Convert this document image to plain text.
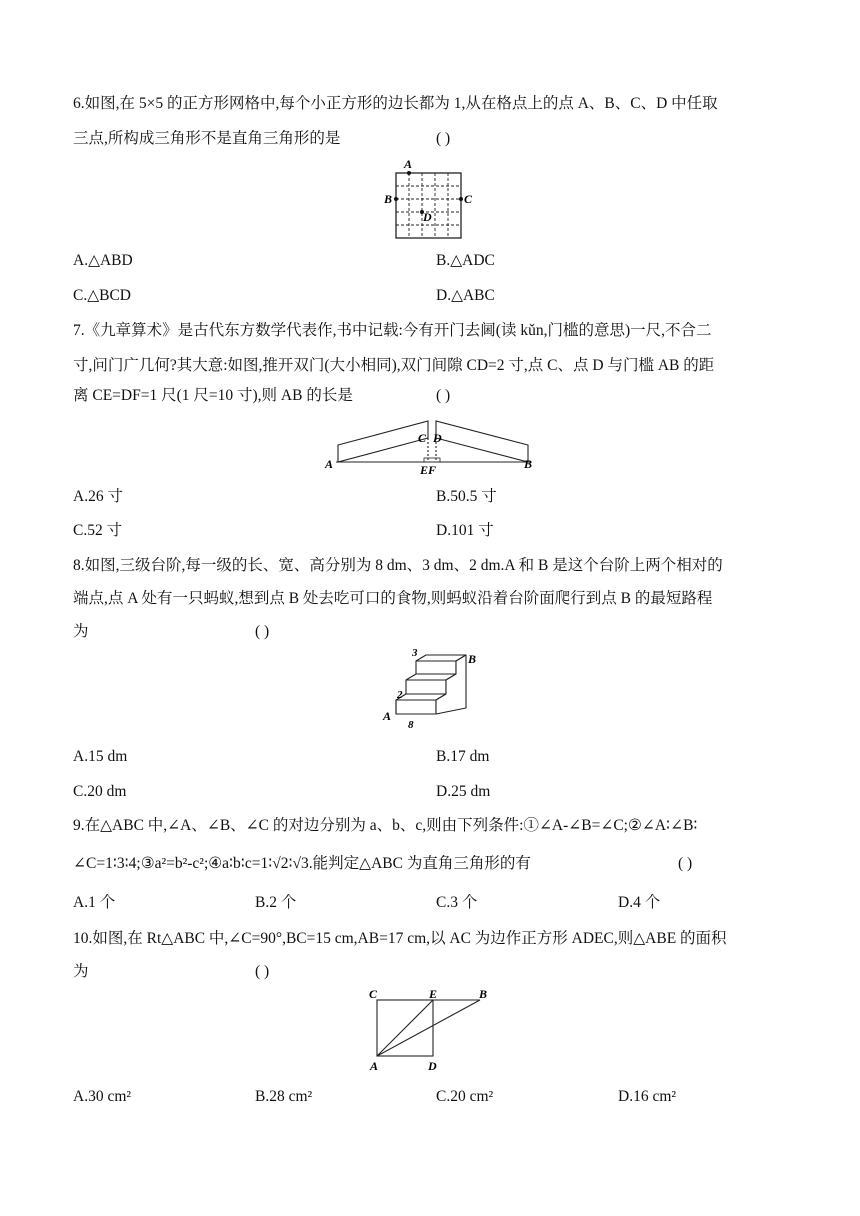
6.如图,在 5×5 的正方形网格中,每个小正方形的边长都为 1,从在格点上的点 A、B、C、D 中任取
三点,所构成三角形不是直角三角形的是	( )
A
B	C
D
A.△ABD	B.△ADC
C.△BCD	D.△ABC
7.《九章算术》是古代东方数学代表作,书中记载:今有开门去阃(读 kǔn,门槛的意思)一尺,不合二
寸,问门广几何?其大意:如图,推开双门(大小相同),双门间隙 CD=2 寸,点 C、点 D 与门槛 AB 的距
离 CE=DF=1 尺(1 尺=10 寸),则 AB 的长是	( )
C D
A	B
EF
A.26 寸	B.50.5 寸
C.52 寸	D.101 寸
8.如图,三级台阶,每一级的长、宽、高分别为 8 dm、3 dm、2 dm.A 和 B 是这个台阶上两个相对的
端点,点 A 处有一只蚂蚁,想到点 B 处去吃可口的食物,则蚂蚁沿着台阶面爬行到点 B 的最短路程
为	( )
3
2
8
A
B
A.15 dm	B.17 dm
C.20 dm	D.25 dm
9.在△ABC 中,∠A、∠B、∠C 的对边分别为 a、b、c,则由下列条件:①∠A-∠B=∠C;②∠A∶∠B∶
∠C=1∶3∶4;③a²=b²-c²;④a∶b∶c=1∶√2∶√3.能判定△ABC 为直角三角形的有	( )
A.1 个	B.2 个	C.3 个	D.4 个
10.如图,在 Rt△ABC 中,∠C=90°,BC=15 cm,AB=17 cm,以 AC 为边作正方形 ADEC,则△ABE 的面积
为	( )
C	E	B
A	D
A.30 cm²	B.28 cm²	C.20 cm²	D.16 cm²
